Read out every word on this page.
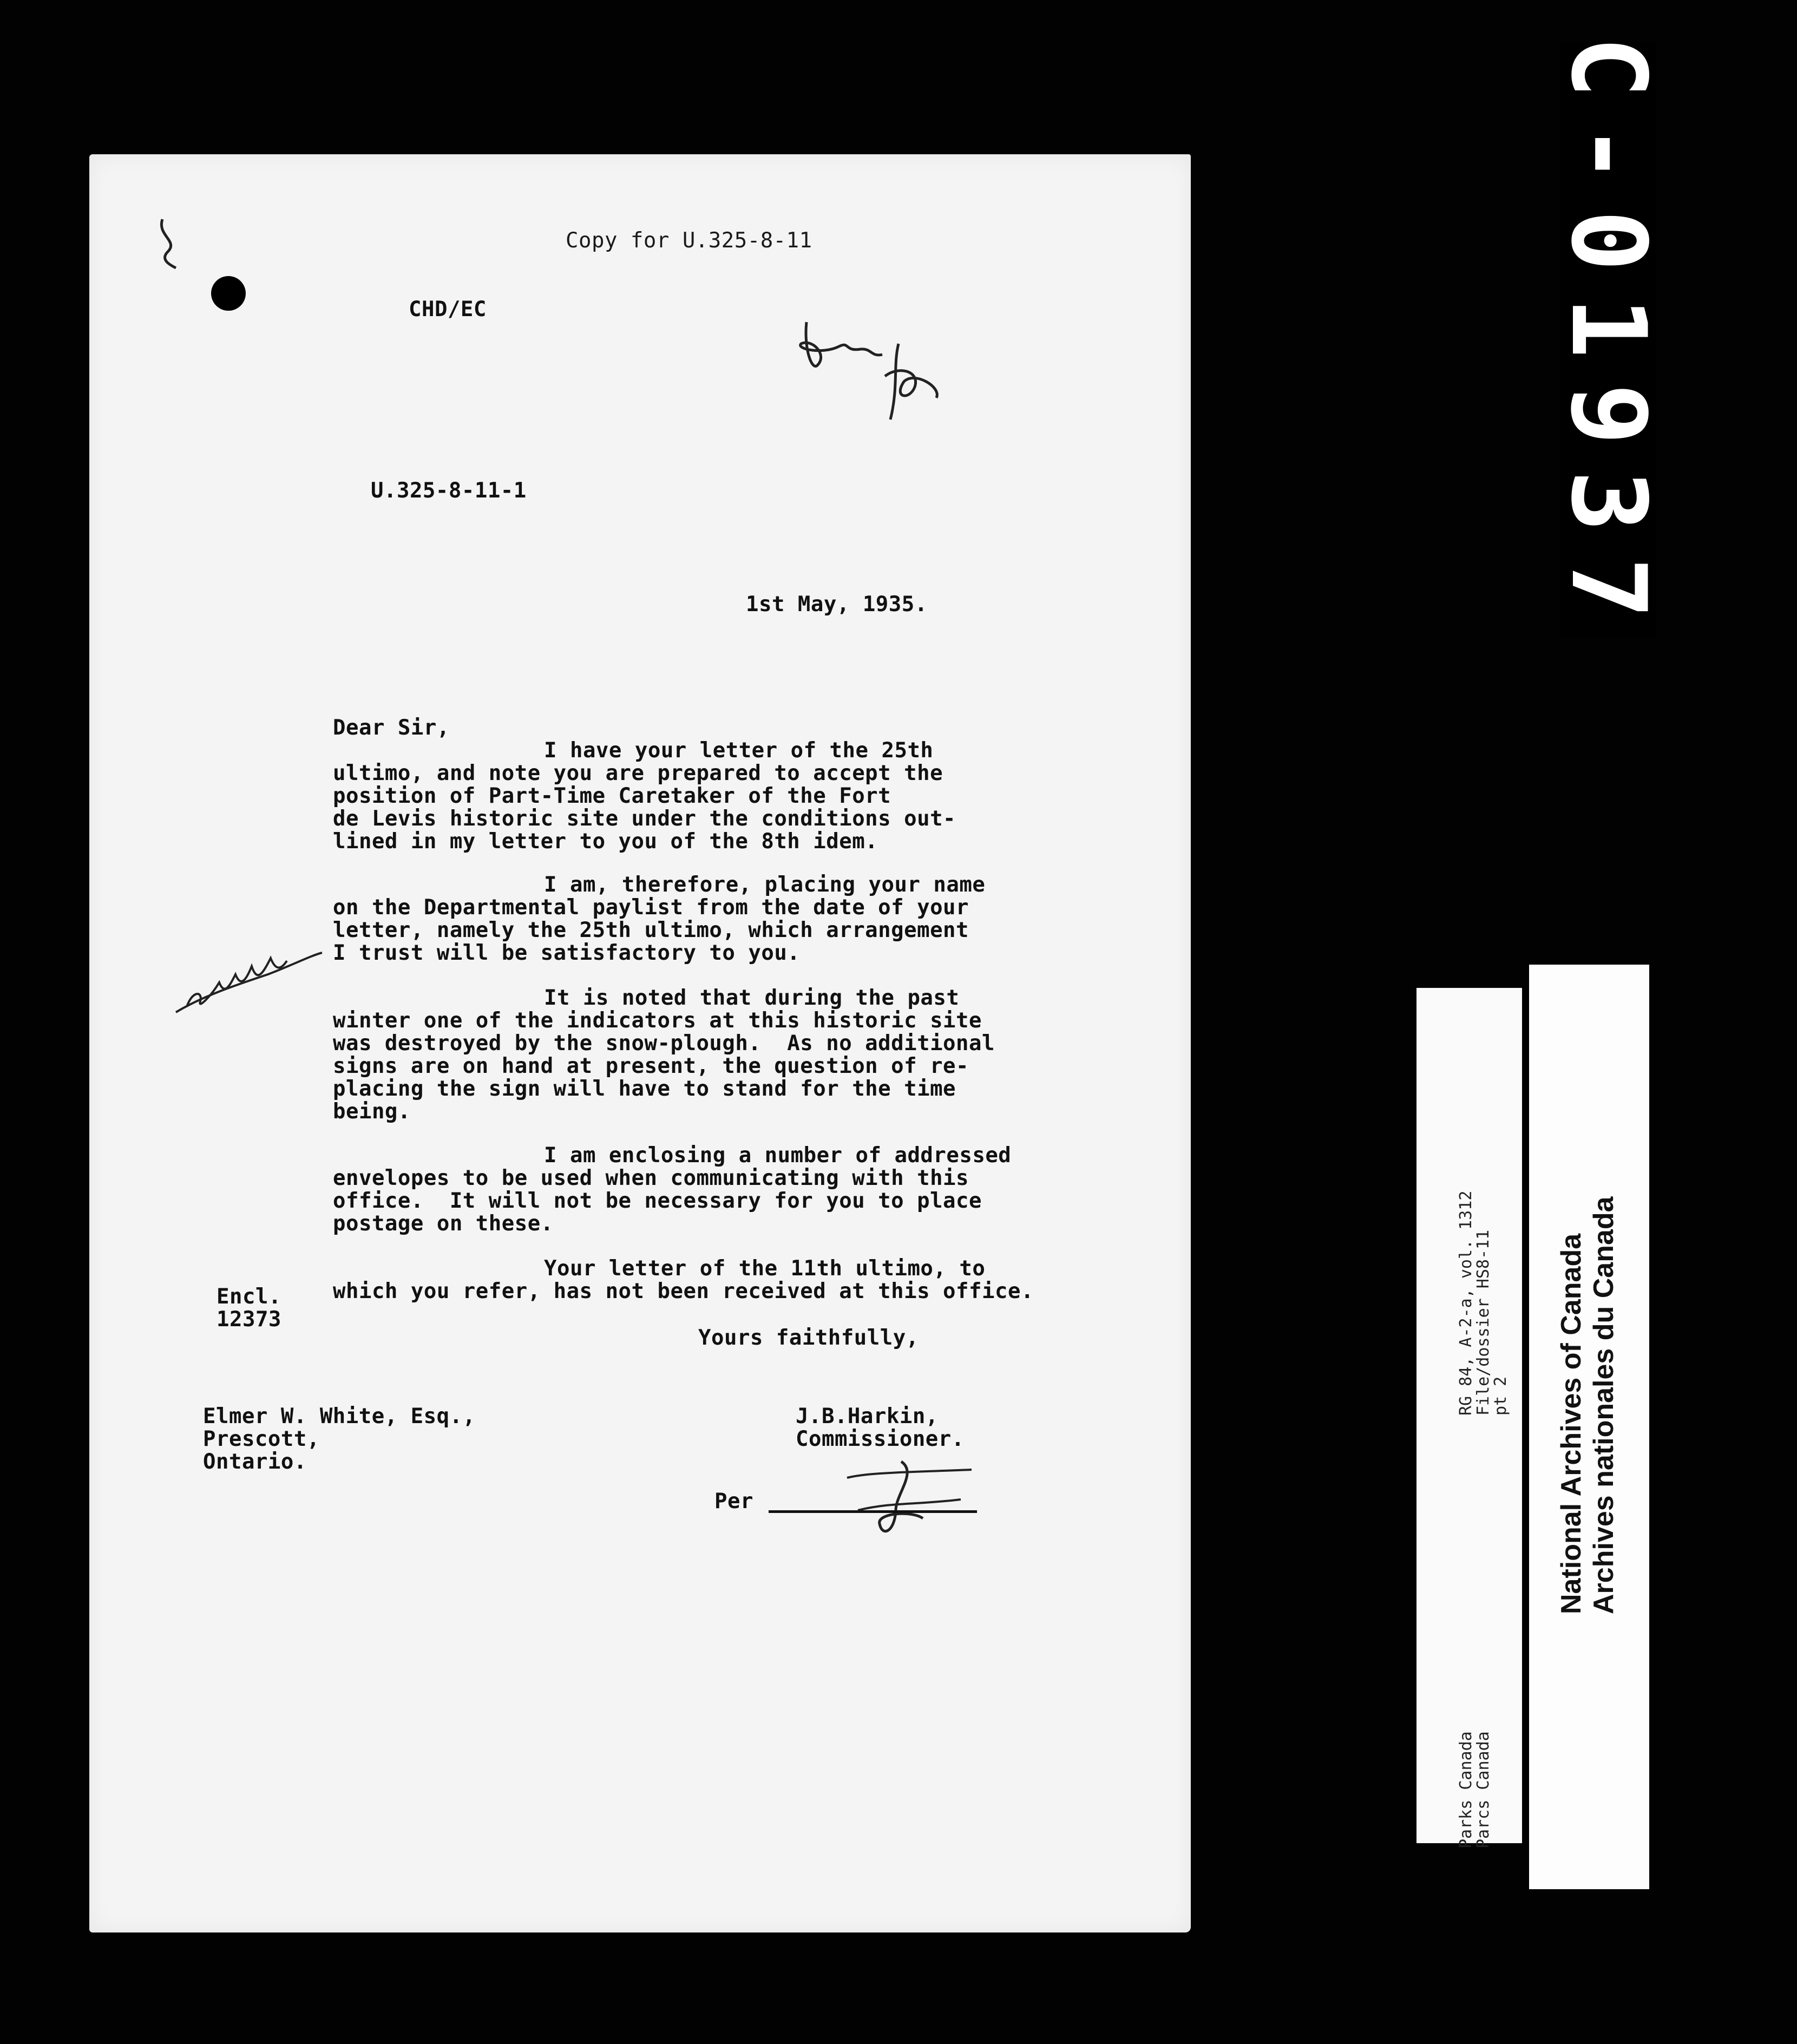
Copy for U.325-8-11
CHD/EC
U.325-8-11-1
1st May, 1935.
Dear Sir,
I have your letter of the 25th
ultimo, and note you are prepared to accept the
position of Part-Time Caretaker of the Fort
de Levis historic site under the conditions out-
lined in my letter to you of the 8th idem.
I am, therefore, placing your name
on the Departmental paylist from the date of your
letter, namely the 25th ultimo, which arrangement
I trust will be satisfactory to you.
It is noted that during the past
winter one of the indicators at this historic site
was destroyed by the snow-plough.  As no additional
signs are on hand at present, the question of re-
placing the sign will have to stand for the time
being.
I am enclosing a number of addressed
envelopes to be used when communicating with this
office.  It will not be necessary for you to place
postage on these.
Your letter of the 11th ultimo, to
which you refer, has not been received at this office.
Encl.
12373
Yours faithfully,
Elmer W. White, Esq.,
Prescott,
Ontario.
J.B.Harkin,
Commissioner.
Per
C-01937
RG 84, A-2-a, vol. 1312
File/dossier HS8-11
pt 2
Parks Canada
Parcs Canada
National Archives of Canada Archives nationales du Canada
